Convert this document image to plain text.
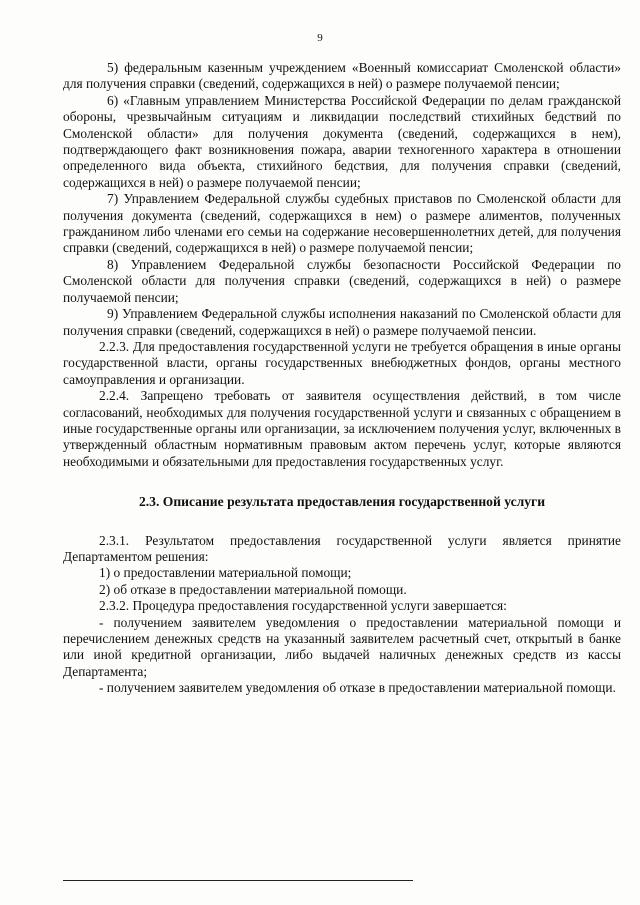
9

5) федеральным казенным учреждением «Военный комиссариат Смоленской области» для получения справки (сведений, содержащихся в ней) о размере получаемой пенсии;

6) «Главным управлением Министерства Российской Федерации по делам гражданской обороны, чрезвычайным ситуациям и ликвидации последствий стихийных бедствий по Смоленской области» для получения документа (сведений, содержащихся в нем), подтверждающего факт возникновения пожара, аварии техногенного характера в отношении определенного вида объекта, стихийного бедствия, для получения справки (сведений, содержащихся в ней) о размере получаемой пенсии;

7) Управлением Федеральной службы судебных приставов по Смоленской области для получения документа (сведений, содержащихся в нем) о размере алиментов, полученных гражданином либо членами его семьи на содержание несовершеннолетних детей, для получения справки (сведений, содержащихся в ней) о размере получаемой пенсии;

8) Управлением Федеральной службы безопасности Российской Федерации по Смоленской области для получения справки (сведений, содержащихся в ней) о размере получаемой пенсии;

9) Управлением Федеральной службы исполнения наказаний по Смоленской области для получения справки (сведений, содержащихся в ней) о размере получаемой пенсии.

2.2.3. Для предоставления государственной услуги не требуется обращения в иные органы государственной власти, органы государственных внебюджетных фондов, органы местного самоуправления и организации.

2.2.4. Запрещено требовать от заявителя осуществления действий, в том числе согласований, необходимых для получения государственной услуги и связанных с обращением в иные государственные органы или организации, за исключением получения услуг, включенных в утвержденный областным нормативным правовым актом перечень услуг, которые являются необходимыми и обязательными для предоставления государственных услуг.

2.3. Описание результата предоставления государственной услуги

2.3.1. Результатом предоставления государственной услуги является принятие Департаментом решения:

1) о предоставлении материальной помощи;

2) об отказе в предоставлении материальной помощи.

2.3.2. Процедура предоставления государственной услуги завершается:

- получением заявителем уведомления о предоставлении материальной помощи и перечислением денежных средств на указанный заявителем расчетный счет, открытый в банке или иной кредитной организации, либо выдачей наличных денежных средств из кассы Департамента;

- получением заявителем уведомления об отказе в предоставлении материальной помощи.
